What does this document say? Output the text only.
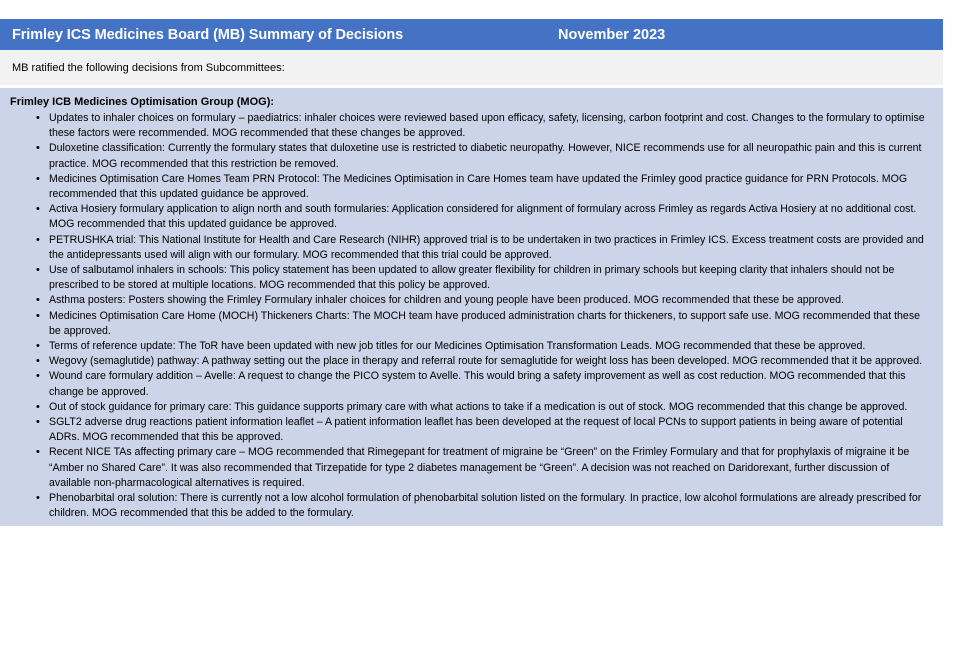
Frimley ICS Medicines Board (MB) Summary of Decisions	November 2023
MB ratified the following decisions from Subcommittees:
Frimley ICB Medicines Optimisation Group (MOG):
• Updates to inhaler choices on formulary – paediatrics: inhaler choices were reviewed based upon efficacy, safety, licensing, carbon footprint and cost. Changes to the formulary to optimise these factors were recommended. MOG recommended that these changes be approved.
• Duloxetine classification: Currently the formulary states that duloxetine use is restricted to diabetic neuropathy. However, NICE recommends use for all neuropathic pain and this is current practice. MOG recommended that this restriction be removed.
• Medicines Optimisation Care Homes Team PRN Protocol: The Medicines Optimisation in Care Homes team have updated the Frimley good practice guidance for PRN Protocols. MOG recommended that this updated guidance be approved.
• Activa Hosiery formulary application to align north and south formularies: Application considered for alignment of formulary across Frimley as regards Activa Hosiery at no additional cost. MOG recommended that this updated guidance be approved.
• PETRUSHKA trial: This National Institute for Health and Care Research (NIHR) approved trial is to be undertaken in two practices in Frimley ICS. Excess treatment costs are provided and the antidepressants used will align with our formulary. MOG recommended that this trial could be approved.
• Use of salbutamol inhalers in schools: This policy statement has been updated to allow greater flexibility for children in primary schools but keeping clarity that inhalers should not be prescribed to be stored at multiple locations. MOG recommended that this policy be approved.
• Asthma posters: Posters showing the Frimley Formulary inhaler choices for children and young people have been produced. MOG recommended that these be approved.
• Medicines Optimisation Care Home (MOCH) Thickeners Charts: The MOCH team have produced administration charts for thickeners, to support safe use. MOG recommended that these be approved.
• Terms of reference update: The ToR have been updated with new job titles for our Medicines Optimisation Transformation Leads. MOG recommended that these be approved.
• Wegovy (semaglutide) pathway: A pathway setting out the place in therapy and referral route for semaglutide for weight loss has been developed. MOG recommended that it be approved.
• Wound care formulary addition – Avelle: A request to change the PICO system to Avelle. This would bring a safety improvement as well as cost reduction. MOG recommended that this change be approved.
• Out of stock guidance for primary care: This guidance supports primary care with what actions to take if a medication is out of stock. MOG recommended that this change be approved.
• SGLT2 adverse drug reactions patient information leaflet – A patient information leaflet has been developed at the request of local PCNs to support patients in being aware of potential ADRs. MOG recommended that this be approved.
• Recent NICE TAs affecting primary care – MOG recommended that Rimegepant for treatment of migraine be “Green” on the Frimley Formulary and that for prophylaxis of migraine it be “Amber no Shared Care”. It was also recommended that Tirzepatide for type 2 diabetes management be “Green”. A decision was not reached on Daridorexant, further discussion of available non-pharmacological alternatives is required.
• Phenobarbital oral solution: There is currently not a low alcohol formulation of phenobarbital solution listed on the formulary. In practice, low alcohol formulations are already prescribed for children. MOG recommended that this be added to the formulary.
